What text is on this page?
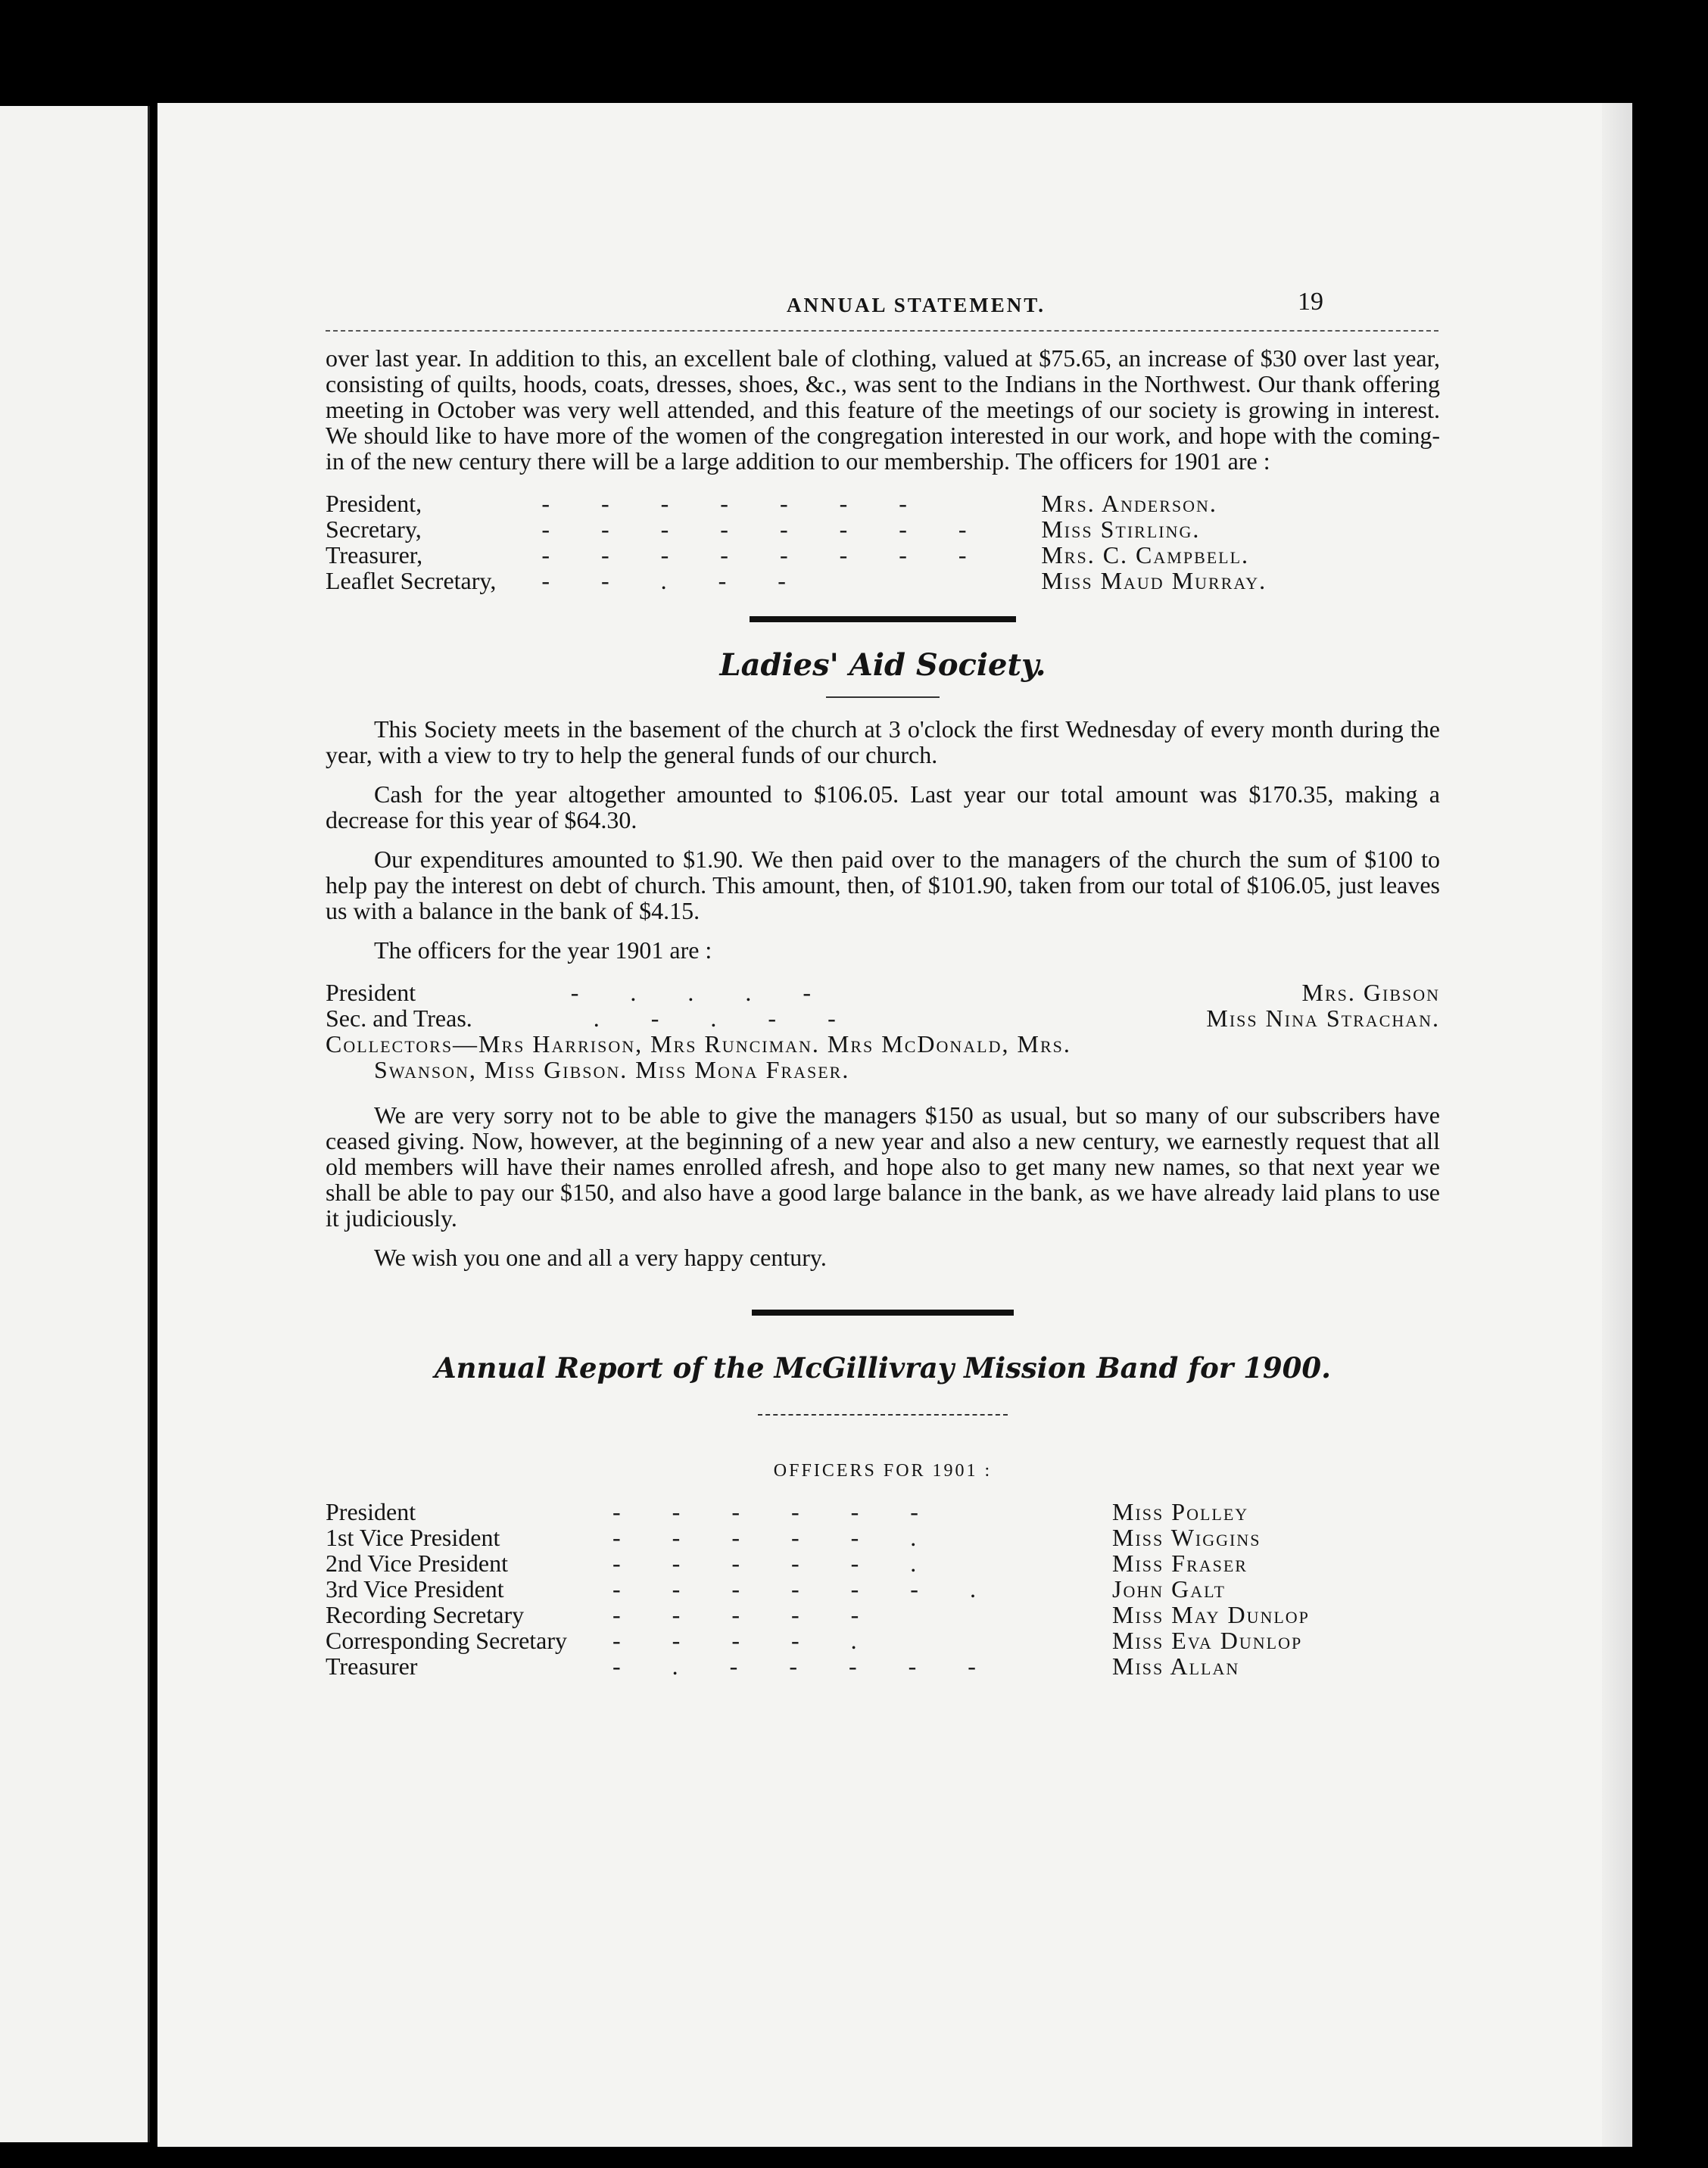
ANNUAL STATEMENT.	19

over last year. In addition to this, an excellent bale of clothing, valued at $75.65, an increase of $30 over last year, consisting of quilts, hoods, coats, dresses, shoes, &c., was sent to the Indians in the Northwest. Our thank offering meeting in October was very well attended, and this feature of the meetings of our society is growing in interest. We should like to have more of the women of the congregation interested in our work, and hope with the coming-in of the new century there will be a large addition to our membership. The officers for 1901 are :

President,	- - - - - - -	Mrs. Anderson.
Secretary,	- - - - - - - -	Miss Stirling.
Treasurer,	- - - - - - - -	Mrs. C. Campbell.
Leaflet Secretary,	- - . - -	Miss Maud Murray.
Ladies' Aid Society.

This Society meets in the basement of the church at 3 o'clock the first Wednesday of every month during the year, with a view to try to help the general funds of our church.

Cash for the year altogether amounted to $106.05. Last year our total amount was $170.35, making a decrease for this year of $64.30.

Our expenditures amounted to $1.90. We then paid over to the managers of the church the sum of $100 to help pay the interest on debt of church. This amount, then, of $101.90, taken from our total of $106.05, just leaves us with a balance in the bank of $4.15.

The officers for the year 1901 are :

President	- . . . -	Mrs. Gibson
Sec. and Treas.	. - . - -	Miss Nina Strachan.

Collectors—Mrs Harrison, Mrs Runciman. Mrs McDonald, Mrs.

Swanson, Miss Gibson. Miss Mona Fraser.

We are very sorry not to be able to give the managers $150 as usual, but so many of our subscribers have ceased giving. Now, however, at the beginning of a new year and also a new century, we earnestly request that all old members will have their names enrolled afresh, and hope also to get many new names, so that next year we shall be able to pay our $150, and also have a good large balance in the bank, as we have already laid plans to use it judiciously.

We wish you one and all a very happy century.

Annual Report of the McGillivray Mission Band for 1900.
OFFICERS FOR 1901 :
President	- - - - - -	Miss Polley
1st Vice President	- - - - - .	Miss Wiggins
2nd Vice President	- - - - - .	Miss Fraser
3rd Vice President	- - - - - - .	John Galt
Recording Secretary	- - - - -	Miss May Dunlop
Corresponding Secretary	- - - - .	Miss Eva Dunlop
Treasurer	- . - - - - -	Miss Allan
